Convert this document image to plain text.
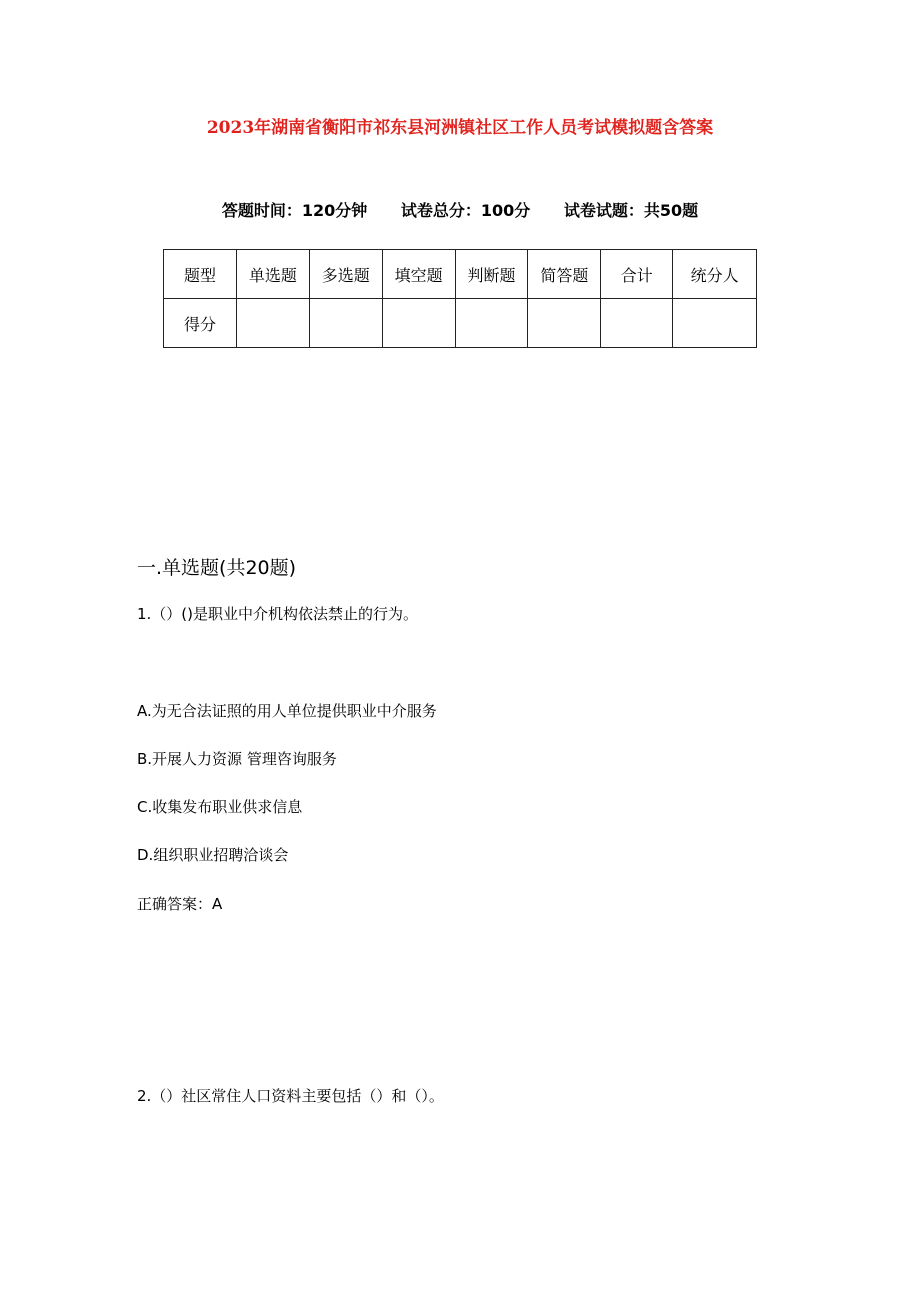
2023年湖南省衡阳市祁东县河洲镇社区工作人员考试模拟题含答案
答题时间：120分钟 试卷总分：100分 试卷试题：共50题
题型	单选题	多选题	填空题	判断题	简答题	合计	统分人
得分							
一.单选题(共20题)
1.（）()是职业中介机构依法禁止的行为。
A.为无合法证照的用人单位提供职业中介服务
B.开展人力资源 管理咨询服务
C.收集发布职业供求信息
D.组织职业招聘洽谈会
正确答案：A
2.（）社区常住人口资料主要包括（）和（）。
